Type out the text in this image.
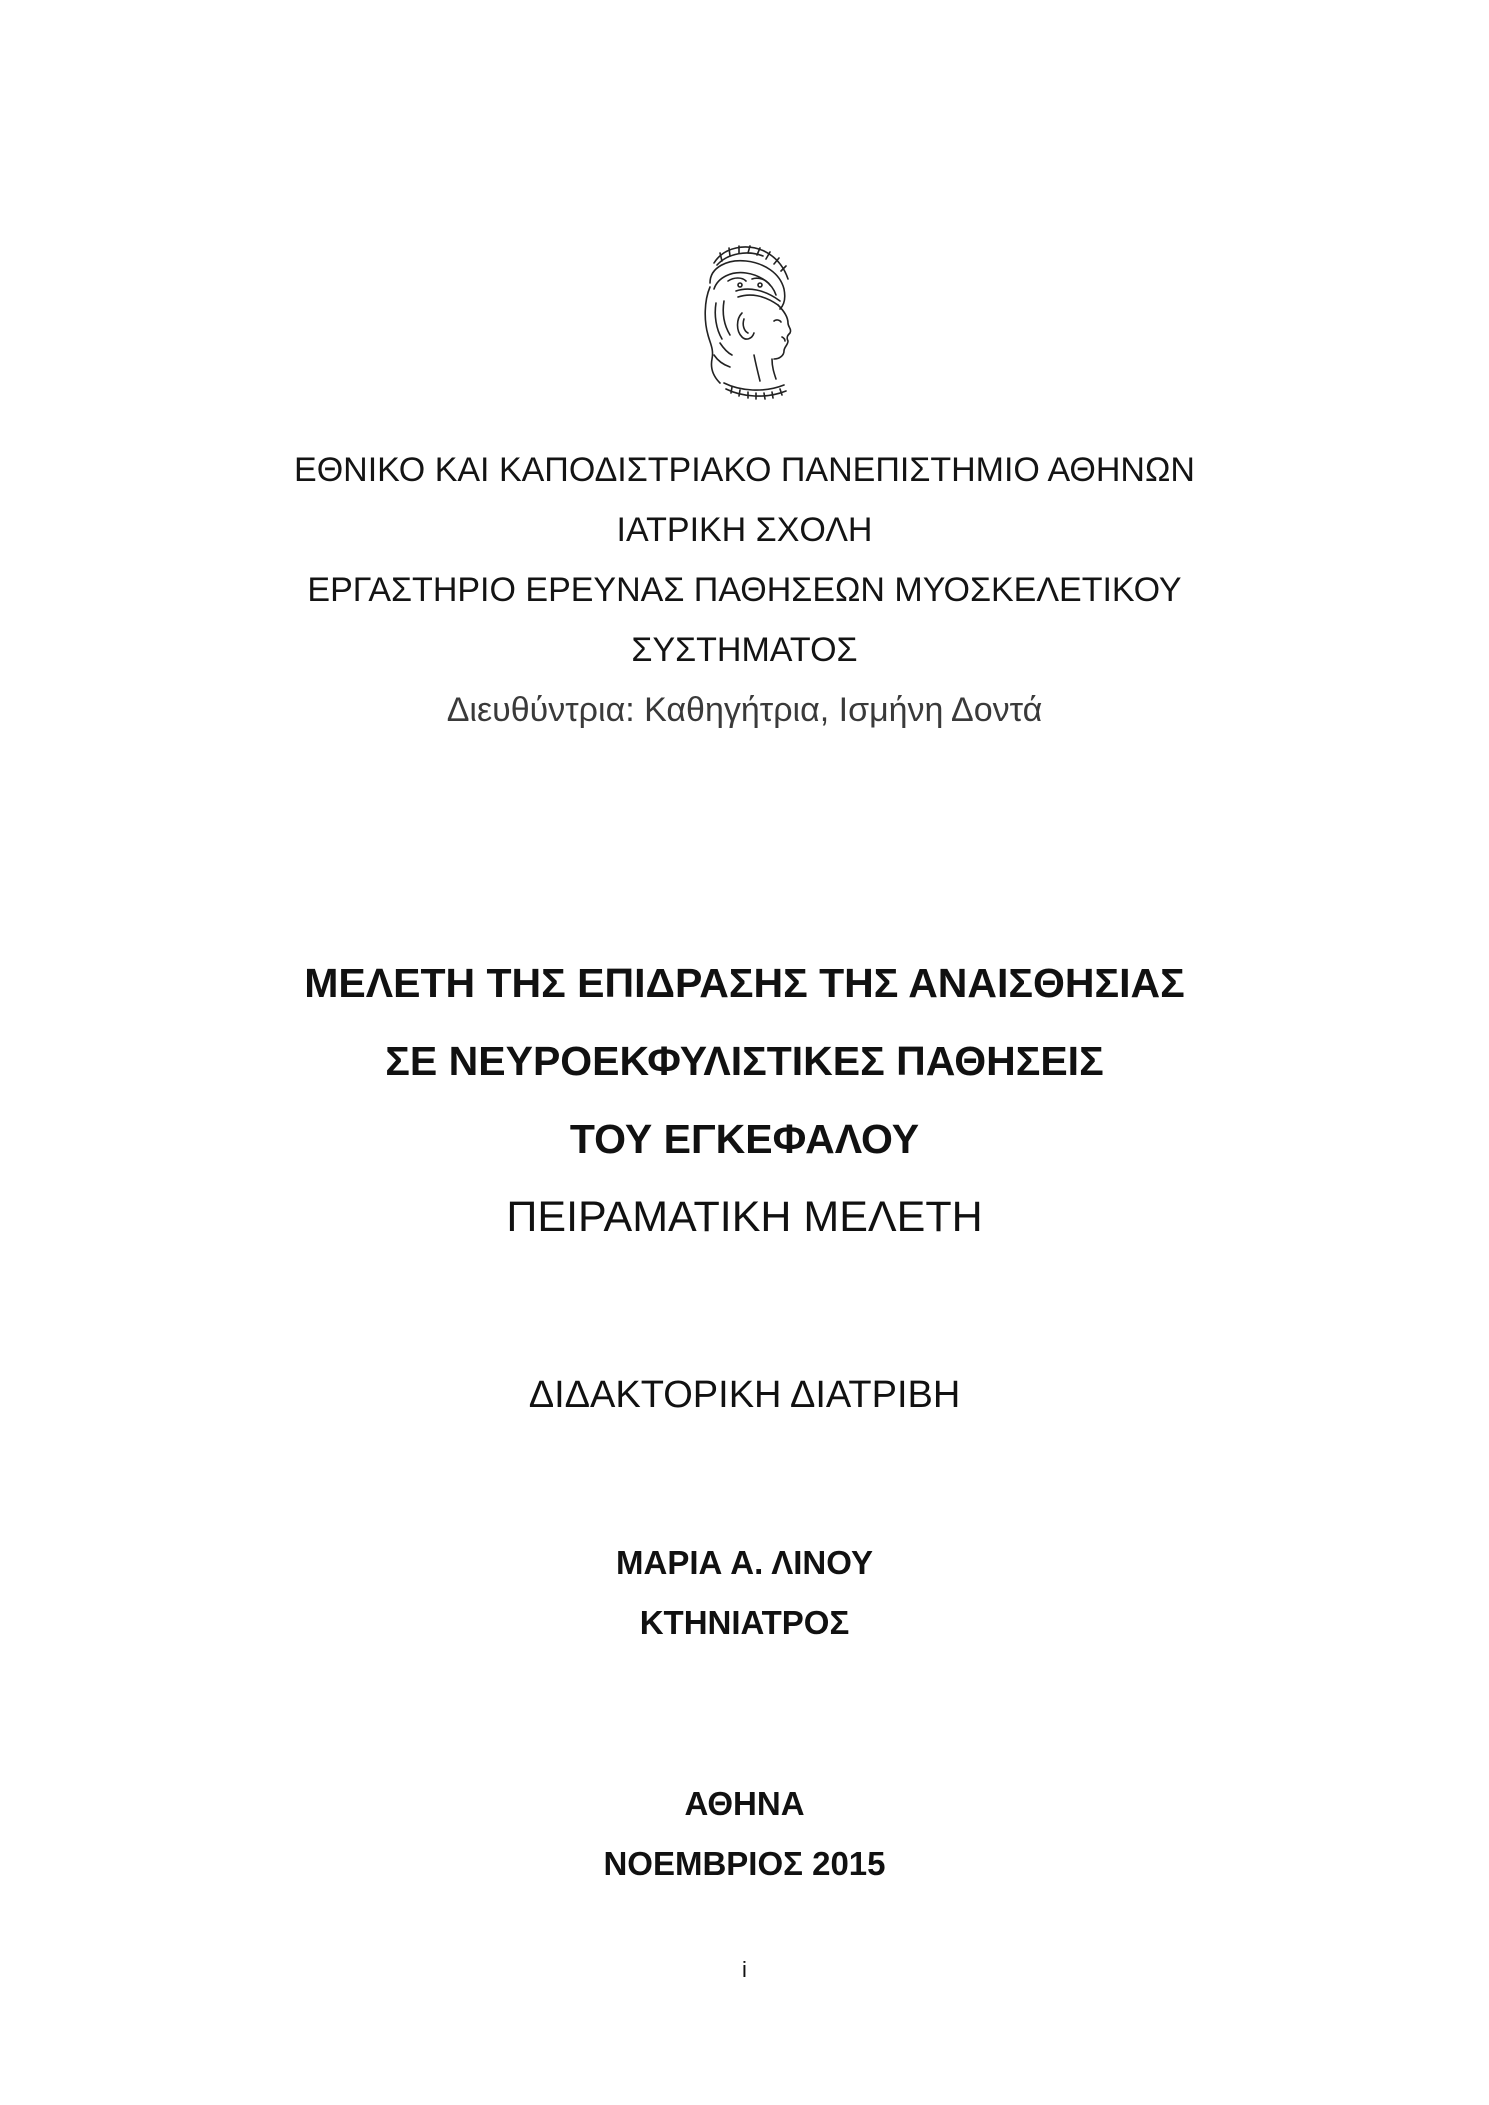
ΕΘΝΙΚΟ ΚΑΙ ΚΑΠΟΔΙΣΤΡΙΑΚΟ ΠΑΝΕΠΙΣΤΗΜΙΟ ΑΘΗΝΩΝ
ΙΑΤΡΙΚΗ ΣΧΟΛΗ
ΕΡΓΑΣΤΗΡΙΟ ΕΡΕΥΝΑΣ ΠΑΘΗΣΕΩΝ ΜΥΟΣΚΕΛΕΤΙΚΟΥ
ΣΥΣΤΗΜΑΤΟΣ
Διευθύντρια: Καθηγήτρια, Ισμήνη Δοντά
ΜΕΛΕΤΗ ΤΗΣ ΕΠΙΔΡΑΣΗΣ ΤΗΣ ΑΝΑΙΣΘΗΣΙΑΣ
ΣΕ ΝΕΥΡΟΕΚΦΥΛΙΣΤΙΚΕΣ ΠΑΘΗΣΕΙΣ
ΤΟΥ ΕΓΚΕΦΑΛΟΥ
ΠΕΙΡΑΜΑΤΙΚΗ ΜΕΛΕΤΗ
ΔΙΔΑΚΤΟΡΙΚΗ ΔΙΑΤΡΙΒΗ
ΜΑΡΙΑ Α. ΛΙΝΟΥ
ΚΤΗΝΙΑΤΡΟΣ
ΑΘΗΝΑ
ΝΟΕΜΒΡΙΟΣ 2015
i
